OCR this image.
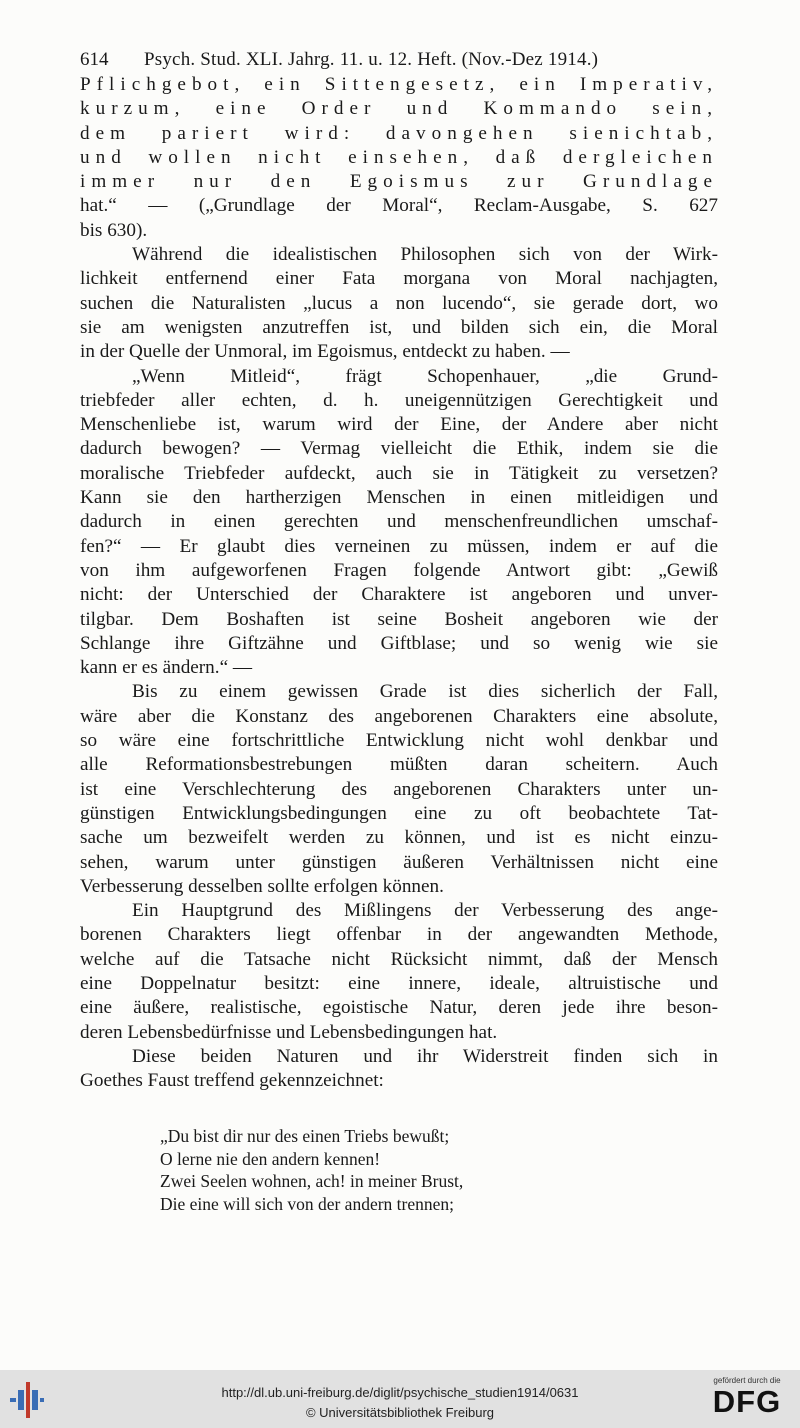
614 Psych. Stud. XLI. Jahrg. 11. u. 12. Heft. (Nov.-Dez 1914.)
Pflichgebot, ein Sittengesetz, ein Imperativ,
kurzum, eine Order und Kommando sein,
dem pariert wird: davongehen sienichtab,
und wollen nicht einsehen, daß dergleichen
immer nur den Egoismus zur Grundlage
hat.“ — („Grundlage der Moral“, Reclam-Ausgabe, S. 627
bis 630).
Während die idealistischen Philosophen sich von der Wirk-
lichkeit entfernend einer Fata morgana von Moral nachjagten,
suchen die Naturalisten „lucus a non lucendo“, sie gerade dort, wo
sie am wenigsten anzutreffen ist, und bilden sich ein, die Moral
in der Quelle der Unmoral, im Egoismus, entdeckt zu haben. —
„Wenn Mitleid“, frägt Schopenhauer, „die Grund-
triebfeder aller echten, d. h. uneigennützigen Gerechtigkeit und
Menschenliebe ist, warum wird der Eine, der Andere aber nicht
dadurch bewogen? — Vermag vielleicht die Ethik, indem sie die
moralische Triebfeder aufdeckt, auch sie in Tätigkeit zu versetzen?
Kann sie den hartherzigen Menschen in einen mitleidigen und
dadurch in einen gerechten und menschenfreundlichen umschaf-
fen?“ — Er glaubt dies verneinen zu müssen, indem er auf die
von ihm aufgeworfenen Fragen folgende Antwort gibt: „Gewiß
nicht: der Unterschied der Charaktere ist angeboren und unver-
tilgbar. Dem Boshaften ist seine Bosheit angeboren wie der
Schlange ihre Giftzähne und Giftblase; und so wenig wie sie
kann er es ändern.“ —
Bis zu einem gewissen Grade ist dies sicherlich der Fall,
wäre aber die Konstanz des angeborenen Charakters eine absolute,
so wäre eine fortschrittliche Entwicklung nicht wohl denkbar und
alle Reformationsbestrebungen müßten daran scheitern. Auch
ist eine Verschlechterung des angeborenen Charakters unter un-
günstigen Entwicklungsbedingungen eine zu oft beobachtete Tat-
sache um bezweifelt werden zu können, und ist es nicht einzu-
sehen, warum unter günstigen äußeren Verhältnissen nicht eine
Verbesserung desselben sollte erfolgen können.
Ein Hauptgrund des Mißlingens der Verbesserung des ange-
borenen Charakters liegt offenbar in der angewandten Methode,
welche auf die Tatsache nicht Rücksicht nimmt, daß der Mensch
eine Doppelnatur besitzt: eine innere, ideale, altruistische und
eine äußere, realistische, egoistische Natur, deren jede ihre beson-
deren Lebensbedürfnisse und Lebensbedingungen hat.
Diese beiden Naturen und ihr Widerstreit finden sich in
Goethes Faust treffend gekennzeichnet:
„Du bist dir nur des einen Triebs bewußt;
O lerne nie den andern kennen!
Zwei Seelen wohnen, ach! in meiner Brust,
Die eine will sich von der andern trennen;
http://dl.ub.uni-freiburg.de/diglit/psychische_studien1914/0631
© Universitätsbibliothek Freiburg
gefördert durch die
DFG
